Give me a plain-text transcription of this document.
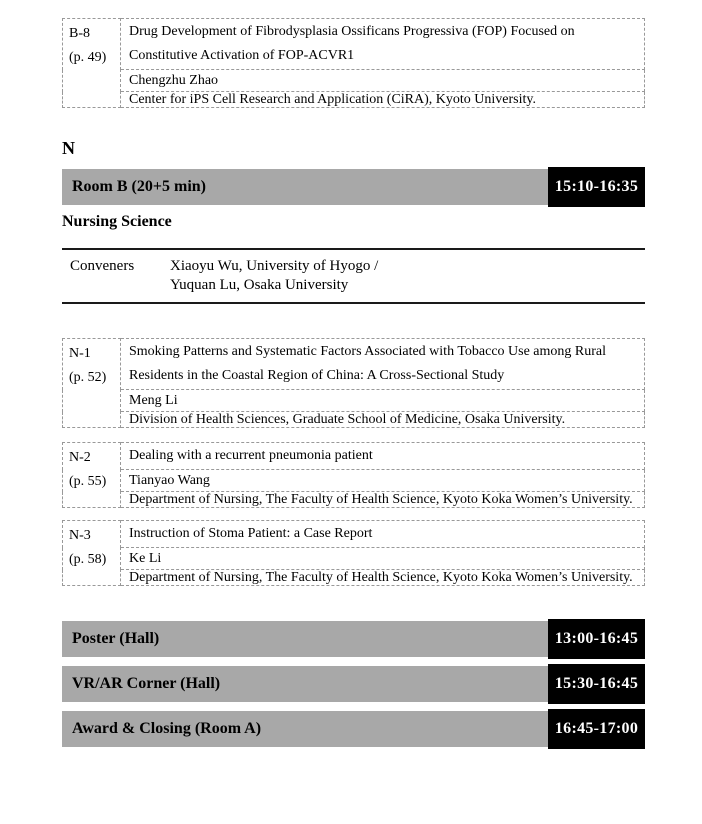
B-8
(p. 49)
	Drug Development of Fibrodysplasia Ossificans Progressiva (FOP) Focused on Constitutive Activation of FOP-ACVR1
Chengzhu Zhao
Center for iPS Cell Research and Application (CiRA), Kyoto University.
N
Room B (20+5 min)	15:10-16:35
Nursing Science
Conveners	Xiaoyu Wu, University of Hyogo /
Yuquan Lu, Osaka University
N-1
(p. 52)
	Smoking Patterns and Systematic Factors Associated with Tobacco Use among Rural Residents in the Coastal Region of China: A Cross-Sectional Study
Meng Li
Division of Health Sciences, Graduate School of Medicine, Osaka University.
N-2
(p. 55)
	Dealing with a recurrent pneumonia patient
Tianyao Wang
Department of Nursing, The Faculty of Health Science, Kyoto Koka Women’s University.
N-3
(p. 58)
	Instruction of Stoma Patient: a Case Report
Ke Li
Department of Nursing, The Faculty of Health Science, Kyoto Koka Women’s University.
Poster (Hall)	13:00-16:45
VR/AR Corner (Hall)	15:30-16:45
Award & Closing (Room A)	16:45-17:00
